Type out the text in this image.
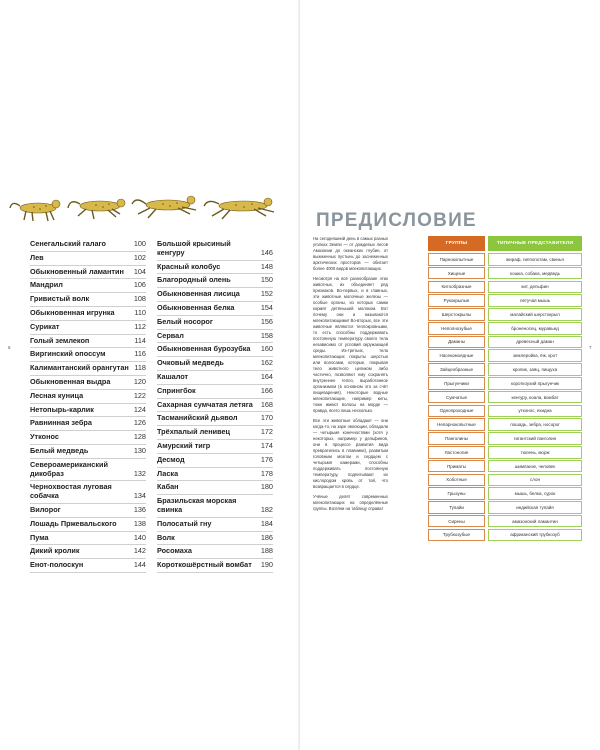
Сенегальский галаго	100
Лев	102
Обыкновенный ламантин	104
Мандрил	106
Гривистый волк	108
Обыкновенная игрунка	110
Сурикат	112
Голый землекоп	114
Виргинский опоссум	116
Калимантанский орангутан 118
Обыкновенная выдра	120
Лесная куница	122
Нетопырь-карлик	124
Равнинная зебра	126
Утконос	128
Белый медведь	130
Североамериканский дикобраз	132
Чернохвостая луговая собачка	134
Вилорог	136
Лошадь Пржевальского	138
Пума	140
Дикий кролик	142
Енот-полоскун	144
Большой крысиный кенгуру	146
Красный колобус	148
Благородный олень	150
Обыкновенная лисица	152
Обыкновенная белка	154
Белый носорог	156
Сервал	158
Обыкновенная бурозубка	160
Очковый медведь	162
Кашалот	164
Спрингбок	166
Сахарная сумчатая летяга	168
Тасманийский дьявол	170
Трёхпалый ленивец	172
Амурский тигр	174
Десмод	176
Ласка	178
Кабан	180
Бразильская морская свинка	182
Полосатый гну	184
Волк	186
Росомаха	188
Короткошёрстный вомбат	190
6
ПРЕДИСЛОВИЕ

На сегодняшний день в самых разных уголках Земли — от дождевых лесов Амазонии до океанских глубин, от выжженных пустынь до заснеженных арктических просторов — обитает более 4000 видов млекопитающих.

Несмотря на всё разнообразие этих животных, их объединяет ряд признаков. Во-первых, и в главных, эти животные молочные железы — особые органы, из которых самки кормят детёнышей молоком. Вот почему они и называются млекопитающими! Во-вторых, все эти животные являются теплокровными, то есть способны поддерживать постоянную температуру своего тела независимо от условий окружающей среды. Из-третьих, тела млекопитающих покрыты шерстью или волосами, которые, покрывая тело животного целиком либо частично, позволяют ему сохранять внутреннее тепло, выработанное организмом (в основном это за счёт пищеварения). Некоторые водные млекопитающие, например киты, тоже имеют волосы на морде — правда, всего лишь несколько.

Все эти животные обладают — они когда-то, на заре эволюции, обладали — четырьмя конечностями (хотя у некоторых, например у дельфинов, они в процессе развития вида превратились в плавники), развитым головным мозгом и сердцем с четырьмя камерами, способны поддерживать постоянную температуру, подпитывают их кислородом кровь от той, что возвращается в сердце.

Учёные делят современных млекопитающих на определённые группы. Взгляни на таблицу справа!

ГРУППЫ	ТИПИЧНЫЕ ПРЕДСТАВИТЕЛИ
Парнокопытные	жираф, гиппопотам, свинья
Хищные	кошка, собака, медведь
Китообразные	кит, дельфин
Рукокрылые	летучая мышь
Шерстокрылы	малайский шерстокрыл
Неполнозубые	броненосец, муравьед
Даманы	древесный даман
Насекомоядные	землеройка, ёж, крот
Зайцеобразные	кролик, заяц, пищуха
Прыгунчики	короткоухий прыгунчик
Сумчатые	кенгуру, коала, вомбат
Однопроходные	утконос, ехидна
Непарнокопытные	лошадь, зебра, носорог
Панголины	гигантский панголин
Ластоногие	тюлень, морж
Приматы	шимпанзе, человек
Хоботные	слон
Грызуны	мышь, белка, сурок
Тупайи	индийская тупайя
Сирены	амазонский ламантин
Трубкозубые	африканский трубкозуб
7
